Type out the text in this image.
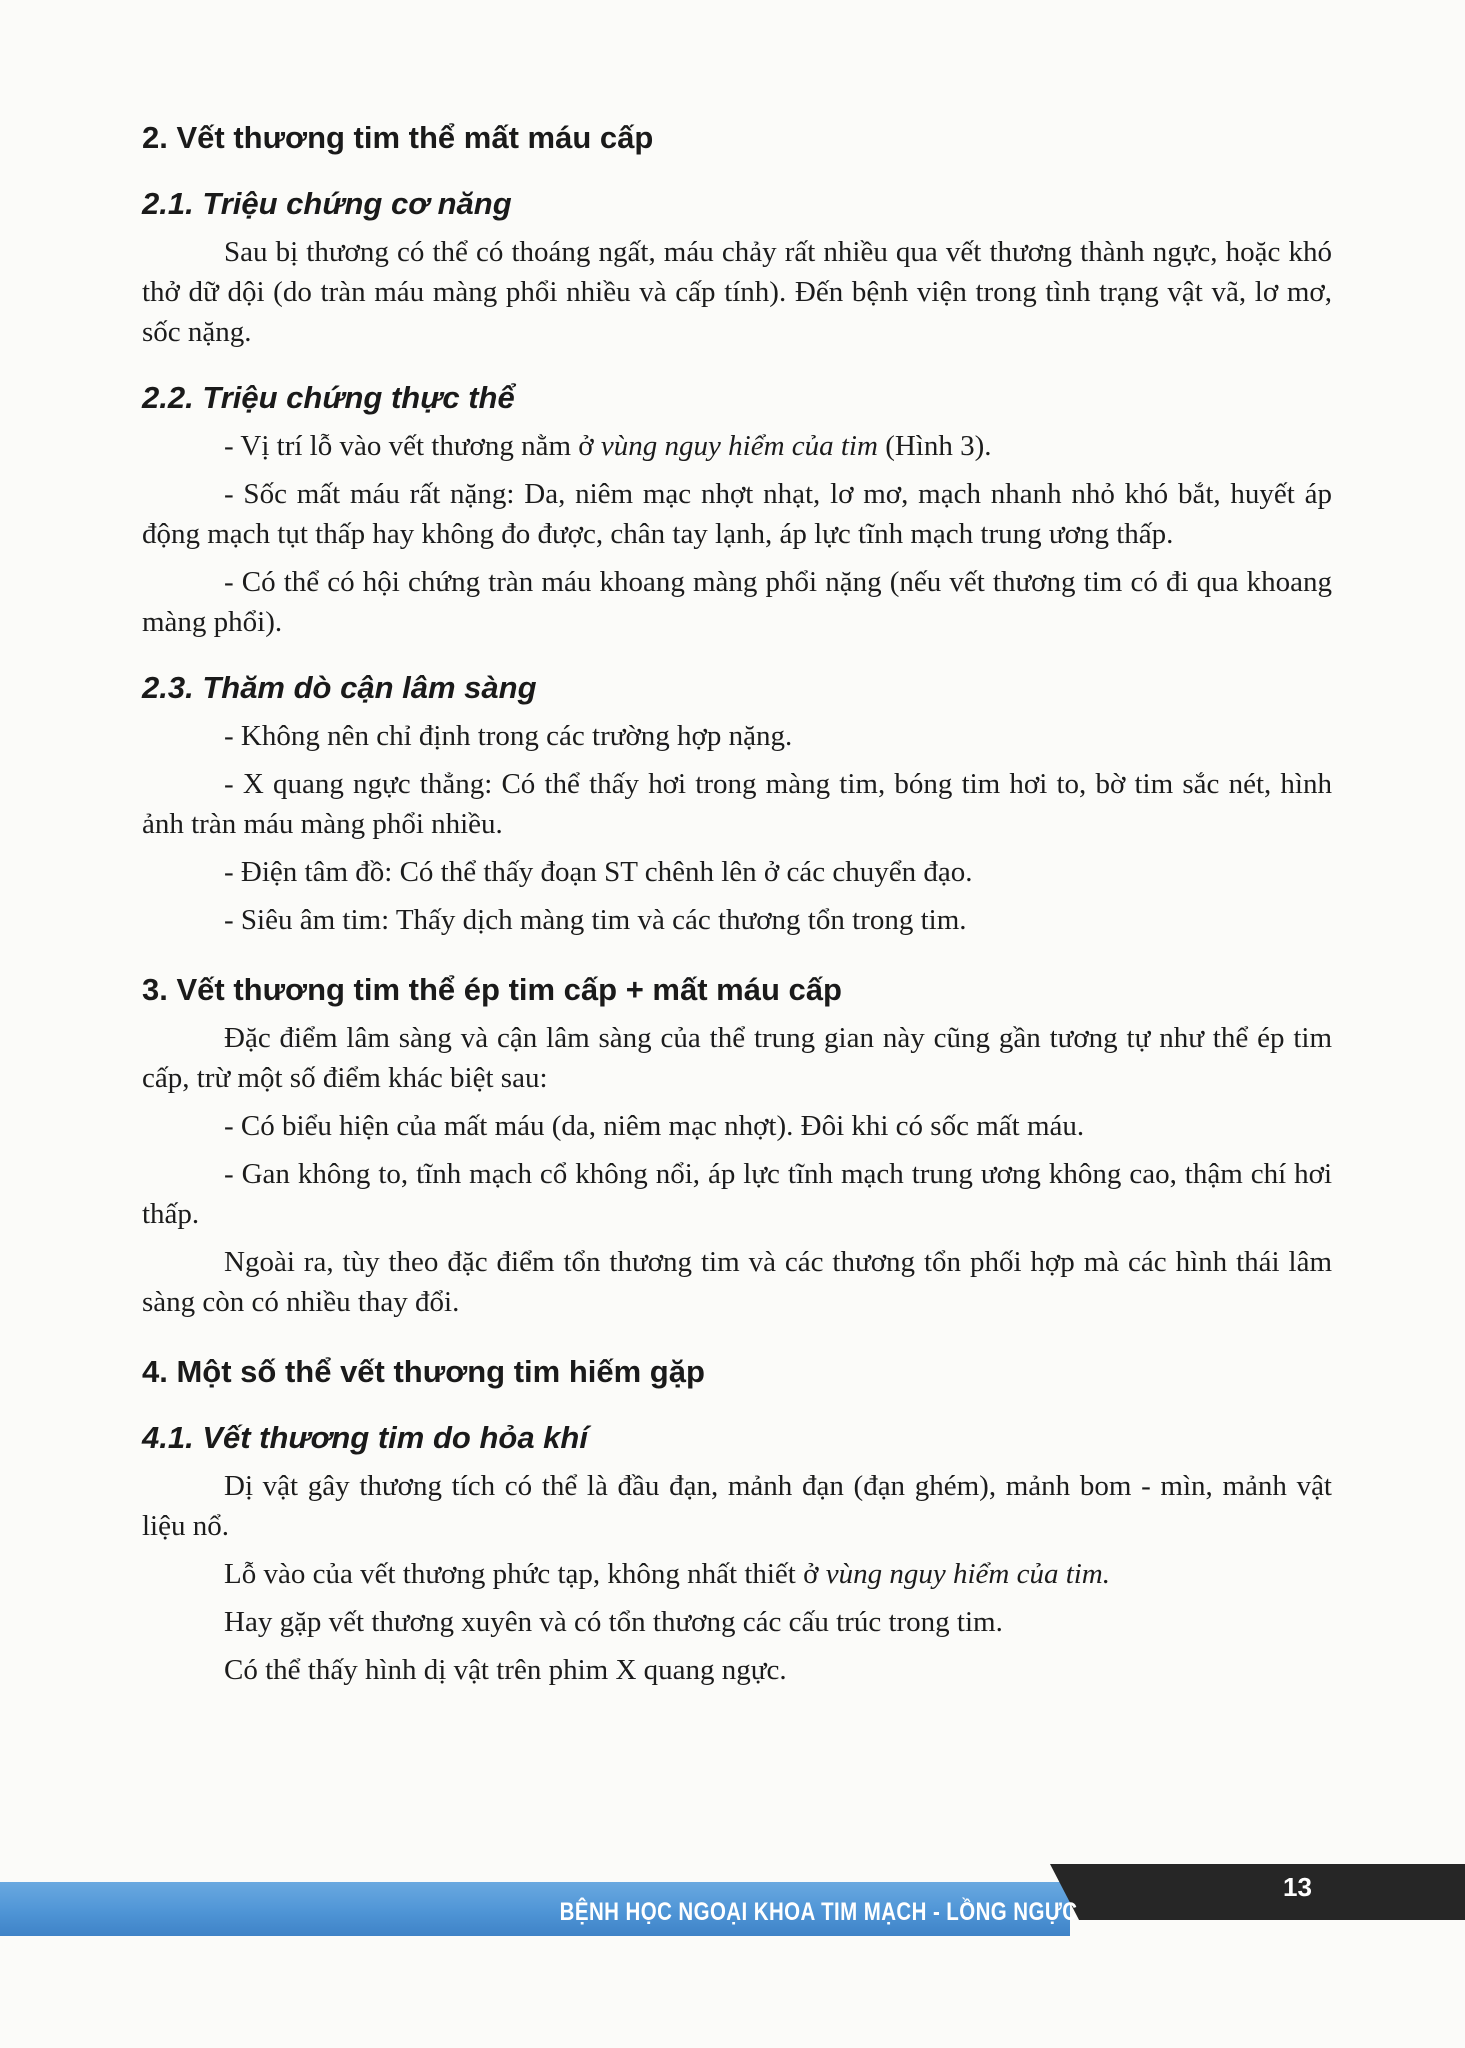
2. Vết thương tim thể mất máu cấp
2.1. Triệu chứng cơ năng

Sau bị thương có thể có thoáng ngất, máu chảy rất nhiều qua vết thương thành ngực, hoặc khó thở dữ dội (do tràn máu màng phổi nhiều và cấp tính). Đến bệnh viện trong tình trạng vật vã, lơ mơ, sốc nặng.

2.2. Triệu chứng thực thể

- Vị trí lỗ vào vết thương nằm ở vùng nguy hiểm của tim (Hình 3).

- Sốc mất máu rất nặng: Da, niêm mạc nhợt nhạt, lơ mơ, mạch nhanh nhỏ khó bắt, huyết áp động mạch tụt thấp hay không đo được, chân tay lạnh, áp lực tĩnh mạch trung ương thấp.

- Có thể có hội chứng tràn máu khoang màng phổi nặng (nếu vết thương tim có đi qua khoang màng phổi).

2.3. Thăm dò cận lâm sàng

- Không nên chỉ định trong các trường hợp nặng.

- X quang ngực thẳng: Có thể thấy hơi trong màng tim, bóng tim hơi to, bờ tim sắc nét, hình ảnh tràn máu màng phổi nhiều.

- Điện tâm đồ: Có thể thấy đoạn ST chênh lên ở các chuyển đạo.

- Siêu âm tim: Thấy dịch màng tim và các thương tổn trong tim.

3. Vết thương tim thể ép tim cấp + mất máu cấp

Đặc điểm lâm sàng và cận lâm sàng của thể trung gian này cũng gần tương tự như thể ép tim cấp, trừ một số điểm khác biệt sau:

- Có biểu hiện của mất máu (da, niêm mạc nhợt). Đôi khi có sốc mất máu.

- Gan không to, tĩnh mạch cổ không nổi, áp lực tĩnh mạch trung ương không cao, thậm chí hơi thấp.

Ngoài ra, tùy theo đặc điểm tổn thương tim và các thương tổn phối hợp mà các hình thái lâm sàng còn có nhiều thay đổi.

4. Một số thể vết thương tim hiếm gặp
4.1. Vết thương tim do hỏa khí

Dị vật gây thương tích có thể là đầu đạn, mảnh đạn (đạn ghém), mảnh bom - mìn, mảnh vật liệu nổ.

Lỗ vào của vết thương phức tạp, không nhất thiết ở vùng nguy hiểm của tim.

Hay gặp vết thương xuyên và có tổn thương các cấu trúc trong tim.

Có thể thấy hình dị vật trên phim X quang ngực.

BỆNH HỌC NGOẠI KHOA TIM MẠCH - LỒNG NGỰC
13
